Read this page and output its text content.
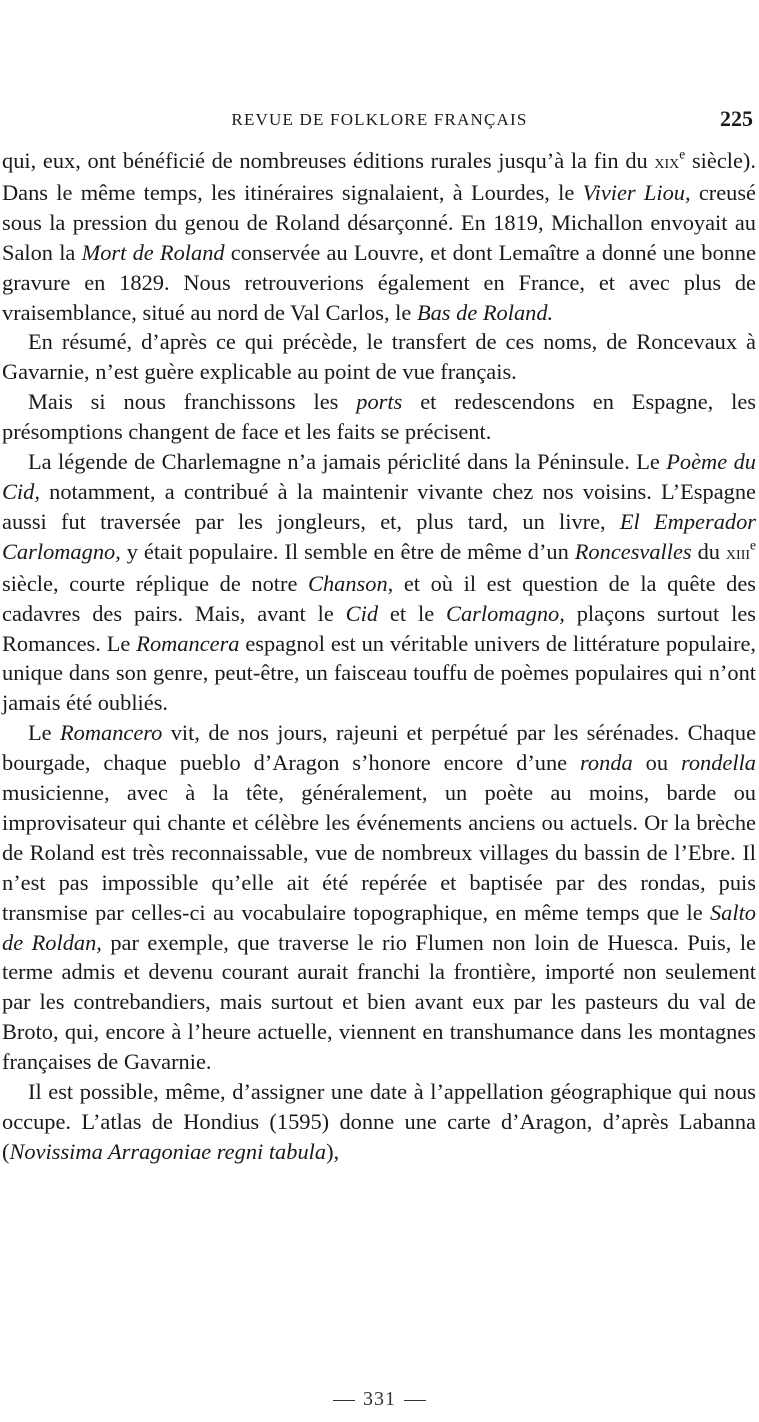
REVUE DE FOLKLORE FRANÇAIS	225

qui, eux, ont bénéficié de nombreuses éditions rurales jusqu’à la fin du xix$^e$ siècle). Dans le même temps, les itinéraires signalaient, à Lourdes, le Vivier Liou, creusé sous la pression du genou de Roland désarçonné. En 1819, Michallon envoyait au Salon la Mort de Roland conservée au Louvre, et dont Lemaître a donné une bonne gravure en 1829. Nous retrouverions également en France, et avec plus de vraisemblance, situé au nord de Val Carlos, le Bas de Roland.

En résumé, d’après ce qui précède, le transfert de ces noms, de Roncevaux à Gavarnie, n’est guère explicable au point de vue français.

Mais si nous franchissons les ports et redescendons en Espagne, les présomptions changent de face et les faits se précisent.

La légende de Charlemagne n’a jamais périclité dans la Péninsule. Le Poème du Cid, notamment, a contribué à la maintenir vivante chez nos voisins. L’Espagne aussi fut traversée par les jongleurs, et, plus tard, un livre, El Emperador Carlomagno, y était populaire. Il semble en être de même d’un Roncesvalles du xiii$^e$ siècle, courte réplique de notre Chanson, et où il est question de la quête des cadavres des pairs. Mais, avant le Cid et le Carlomagno, plaçons surtout les Romances. Le Romancera espagnol est un véritable univers de littérature populaire, unique dans son genre, peut-être, un faisceau touffu de poèmes populaires qui n’ont jamais été oubliés.

Le Romancero vit, de nos jours, rajeuni et perpétué par les sérénades. Chaque bourgade, chaque pueblo d’Aragon s’honore encore d’une ronda ou rondella musicienne, avec à la tête, généralement, un poète au moins, barde ou improvisateur qui chante et célèbre les événements anciens ou actuels. Or la brèche de Roland est très reconnaissable, vue de nombreux villages du bassin de l’Ebre. Il n’est pas impossible qu’elle ait été repérée et baptisée par des rondas, puis transmise par celles-ci au vocabulaire topographique, en même temps que le Salto de Roldan, par exemple, que traverse le rio Flumen non loin de Huesca. Puis, le terme admis et devenu courant aurait franchi la frontière, importé non seulement par les contrebandiers, mais surtout et bien avant eux par les pasteurs du val de Broto, qui, encore à l’heure actuelle, viennent en transhumance dans les montagnes françaises de Gavarnie.

Il est possible, même, d’assigner une date à l’appellation géographique qui nous occupe. L’atlas de Hondius (1595) donne une carte d’Aragon, d’après Labanna (Novissima Arragoniae regni tabula),

331
